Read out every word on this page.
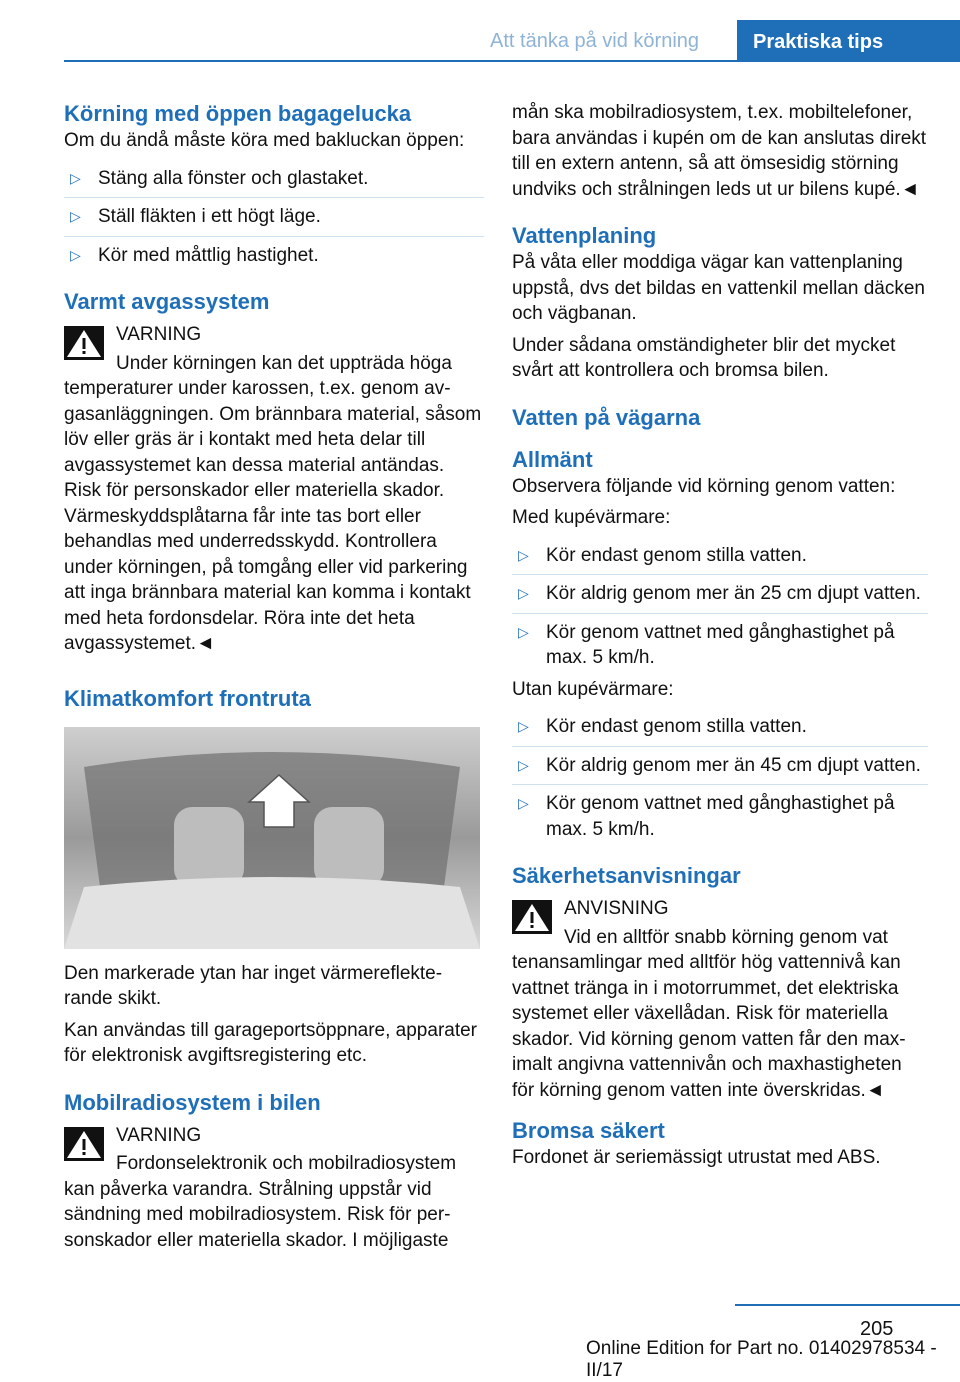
Att tänka på vid körning	Praktiska tips
Körning med öppen bagagelucka

Om du ändå måste köra med bakluckan öppen:

▷ Stäng alla fönster och glastaket.
▷ Ställ fläkten i ett högt läge.
▷ Kör med måttlig hastighet.
Varmt avgassystem
VARNING
Under körningen kan det uppträda höga
temperaturer under karossen, t.ex. genom avgasanläggningen. Om brännbara material, såsom löv eller gräs är i kontakt med heta delar till avgassystemet kan dessa material antändas. Risk för personskador eller materiella skador. Värmeskyddsplåtarna får inte tas bort eller behandlas med underredsskydd. Kontrollera under körningen, på tomgång eller vid parkering att inga brännbara material kan komma i kontakt med heta fordonsdelar. Röra inte det heta avgassystemet.◄
Klimatkomfort frontruta

Den markerade ytan har inget värmereflekterande skikt.

Kan användas till garageportsöppnare, apparater för elektronisk avgiftsregistering etc.

Mobilradiosystem i bilen
VARNING
Fordonselektronik och mobilradiosystem
kan påverka varandra. Strålning uppstår vid sändning med mobilradiosystem. Risk för personskador eller materiella skador. I möjligaste

mån ska mobilradiosystem, t.ex. mobiltelefoner, bara användas i kupén om de kan anslutas direkt till en extern antenn, så att ömsesidig störning undviks och strålningen leds ut ur bilens kupé.◄

Vattenplaning

På våta eller moddiga vägar kan vattenplaning uppstå, dvs det bildas en vattenkil mellan däcken och vägbanan.

Under sådana omständigheter blir det mycket svårt att kontrollera och bromsa bilen.

Vatten på vägarna
Allmänt

Observera följande vid körning genom vatten:

Med kupévärmare:

▷ Kör endast genom stilla vatten.
▷ Kör aldrig genom mer än 25 cm djupt vatten.
▷ Kör genom vattnet med gånghastighet på max. 5 km/h.

Utan kupévärmare:

▷ Kör endast genom stilla vatten.
▷ Kör aldrig genom mer än 45 cm djupt vatten.
▷ Kör genom vattnet med gånghastighet på max. 5 km/h.
Säkerhetsanvisningar
ANVISNING
Vid en alltför snabb körning genom vat
tenansamlingar med alltför hög vattennivå kan vattnet tränga in i motorrummet, det elektriska systemet eller växellådan. Risk för materiella skador. Vid körning genom vatten får den maximalt angivna vattennivån och maxhastigheten för körning genom vatten inte överskridas.◄
Bromsa säkert

Fordonet är seriemässigt utrustat med ABS.

205
Online Edition for Part no. 01402978534 - II/17
